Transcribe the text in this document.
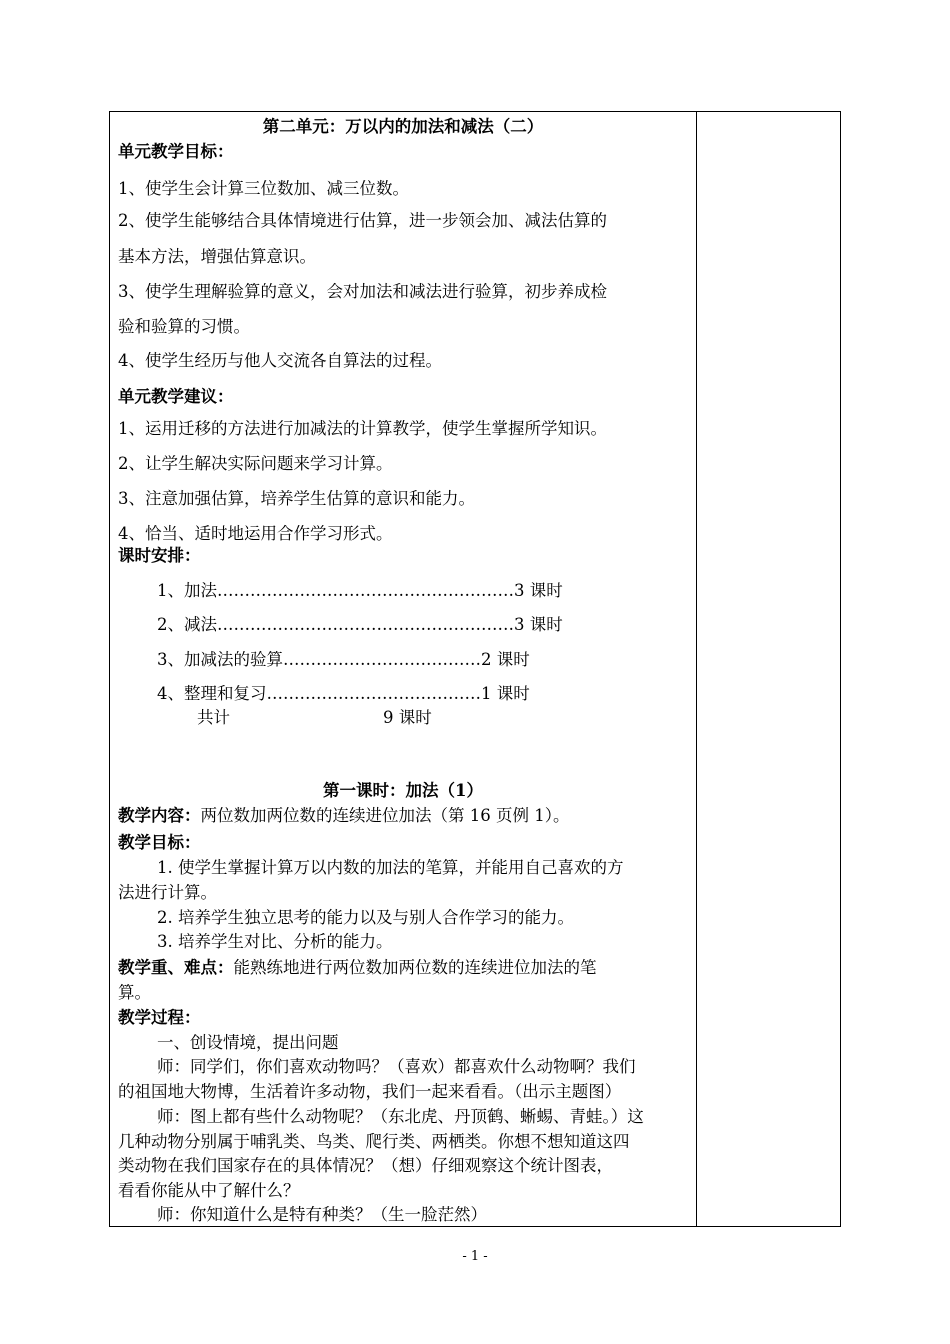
第二单元：万以内的加法和减法（二）
单元教学目标：
1、使学生会计算三位数加、减三位数。
2、使学生能够结合具体情境进行估算，进一步领会加、减法估算的
基本方法，增强估算意识。
3、使学生理解验算的意义，会对加法和减法进行验算，初步养成检
验和验算的习惯。
4、使学生经历与他人交流各自算法的过程。
单元教学建议：
1、运用迁移的方法进行加减法的计算教学，使学生掌握所学知识。
2、让学生解决实际问题来学习计算。
3、注意加强估算，培养学生估算的意识和能力。
4、恰当、适时地运用合作学习形式。
课时安排：
1、加法………………………………………………3 课时
2、减法………………………………………………3 课时
3、加减法的验算………………………………2 课时
4、整理和复习…………………………………1 课时
共计	9 课时
第一课时：加法（1）
教学内容：两位数加两位数的连续进位加法（第 16 页例 1）。
教学目标：
1. 使学生掌握计算万以内数的加法的笔算，并能用自己喜欢的方
法进行计算。
2. 培养学生独立思考的能力以及与别人合作学习的能力。
3. 培养学生对比、分析的能力。
教学重、难点：能熟练地进行两位数加两位数的连续进位加法的笔
算。
教学过程：
一、创设情境，提出问题
师：同学们，你们喜欢动物吗？（喜欢）都喜欢什么动物啊？我们
的祖国地大物博，生活着许多动物，我们一起来看看。（出示主题图）
师：图上都有些什么动物呢？（东北虎、丹顶鹤、蜥蜴、青蛙。）这
几种动物分别属于哺乳类、鸟类、爬行类、两栖类。你想不想知道这四
类动物在我们国家存在的具体情况？（想）仔细观察这个统计图表，
看看你能从中了解什么？
师：你知道什么是特有种类？（生一脸茫然）
- 1 -
